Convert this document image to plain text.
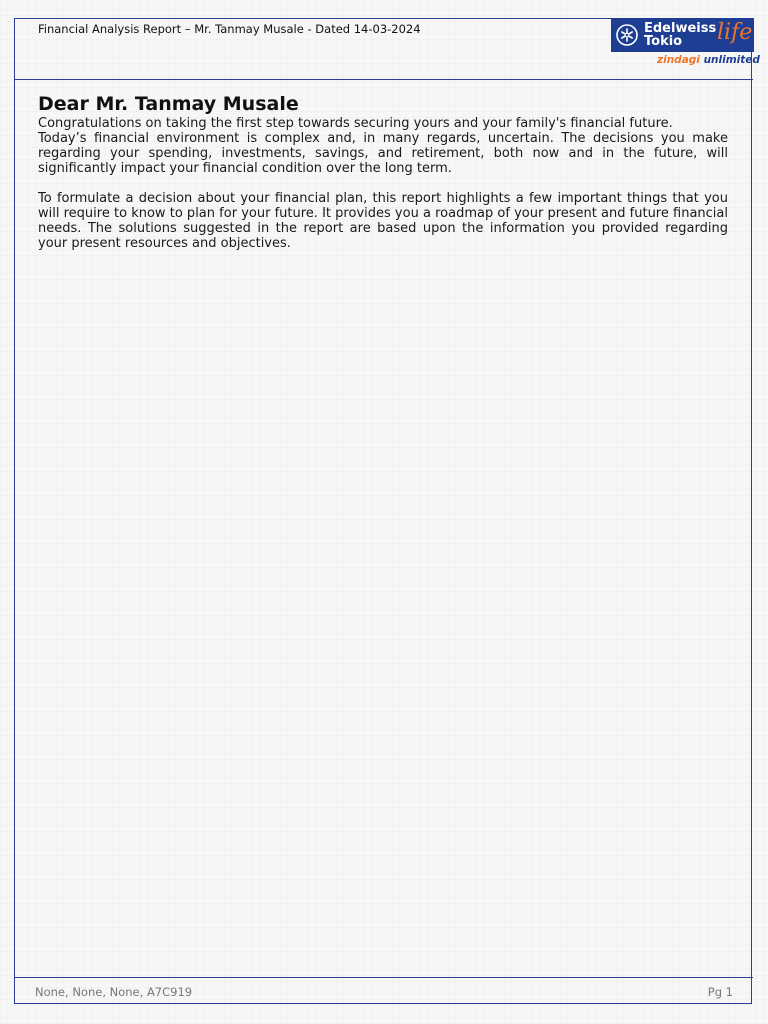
Financial Analysis Report – Mr. Tanmay Musale - Dated 14-03-2024	Edelweiss
Tokio life
zindagi unlimited
Dear Mr. Tanmay Musale

Congratulations on taking the first step towards securing yours and your family's financial future.

Today’s financial environment is complex and, in many regards, uncertain. The decisions you make regarding your spending, investments, savings, and retirement, both now and in the future, will significantly impact your financial condition over the long term.

To formulate a decision about your financial plan, this report highlights a few important things that you will require to know to plan for your future. It provides you a roadmap of your present and future financial needs. The solutions suggested in the report are based upon the information you provided regarding your present resources and objectives.

None, None, None, A7C919	Pg 1
